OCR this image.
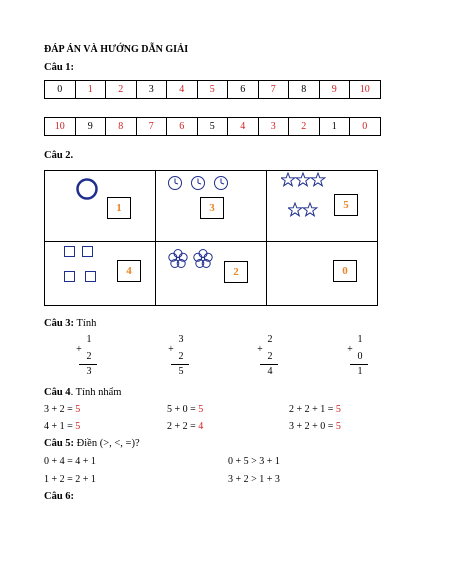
ĐÁP ÁN VÀ HƯỚNG DẪN GIẢI
Câu 1:
0	1	2	3	4	5	6	7	8	9	10
10	9	8	7	6	5	4	3	2	1	0
Câu 2.
1	3	5
4	2	0
Câu 3: Tính
1
+
2
3
3
+
2
5
2
+
2
4
1
+
0
1
Câu 4. Tính nhẩm
3 + 2 = 5	5 + 0 = 5	2 + 2 + 1 = 5
4 + 1 = 5	2 + 2 = 4	3 + 2 + 0 = 5
Câu 5: Điền (>, <, =)?
0 + 4 = 4 + 1	0 + 5 > 3 + 1
1 + 2 = 2 + 1	3 + 2 > 1 + 3
Câu 6:
